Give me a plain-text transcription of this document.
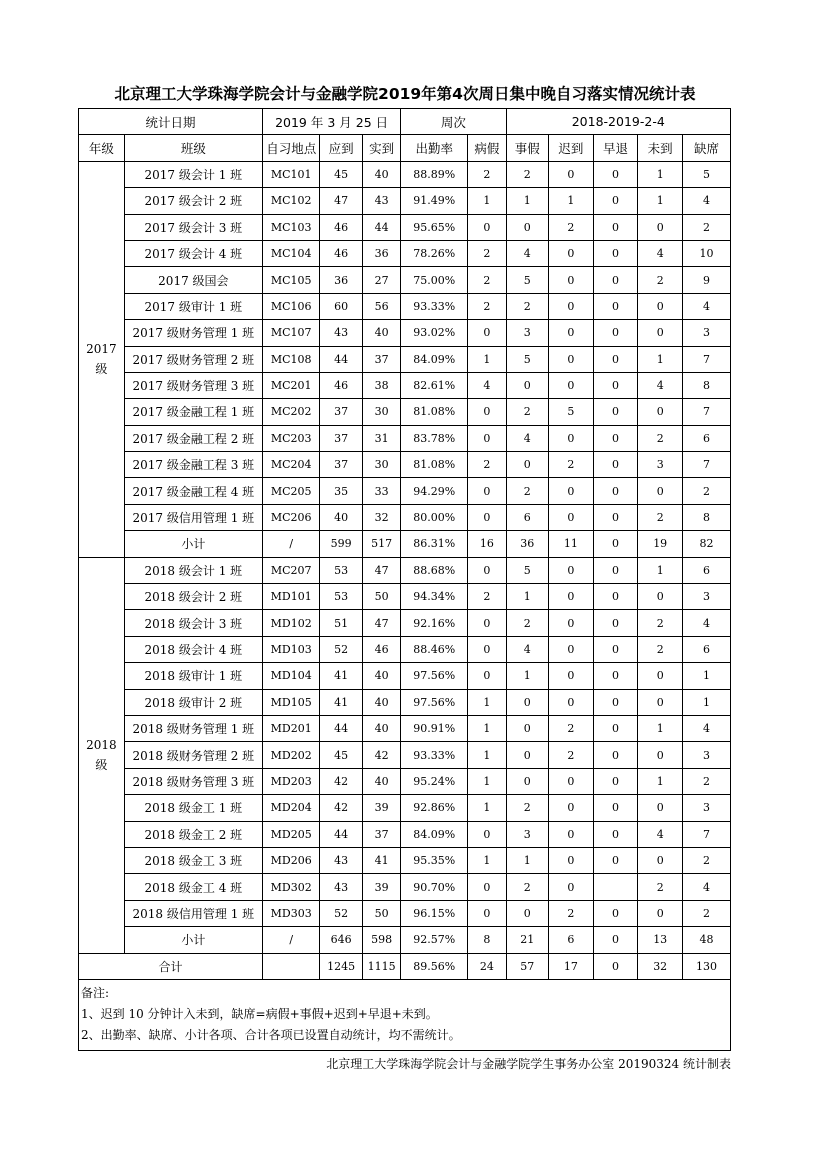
北京理工大学珠海学院会计与金融学院2019年第4次周日集中晚自习落实情况统计表
统计日期		2019 年 3 月 25 日			周次		2018-2019-2-4				
年级	班级	自习地点	应到	实到	出勤率	病假	事假	迟到	早退	未到	缺席
2017
级	2017 级会计 1 班	MC101	45	40	88.89%	2	2	0	0	1	5
	2017 级会计 2 班	MC102	47	43	91.49%	1	1	1	0	1	4
	2017 级会计 3 班	MC103	46	44	95.65%	0	0	2	0	0	2
	2017 级会计 4 班	MC104	46	36	78.26%	2	4	0	0	4	10
	2017 级国会	MC105	36	27	75.00%	2	5	0	0	2	9
	2017 级审计 1 班	MC106	60	56	93.33%	2	2	0	0	0	4
	2017 级财务管理 1 班	MC107	43	40	93.02%	0	3	0	0	0	3
	2017 级财务管理 2 班	MC108	44	37	84.09%	1	5	0	0	1	7
	2017 级财务管理 3 班	MC201	46	38	82.61%	4	0	0	0	4	8
	2017 级金融工程 1 班	MC202	37	30	81.08%	0	2	5	0	0	7
	2017 级金融工程 2 班	MC203	37	31	83.78%	0	4	0	0	2	6
	2017 级金融工程 3 班	MC204	37	30	81.08%	2	0	2	0	3	7
	2017 级金融工程 4 班	MC205	35	33	94.29%	0	2	0	0	0	2
	2017 级信用管理 1 班	MC206	40	32	80.00%	0	6	0	0	2	8
	小计	/	599	517	86.31%	16	36	11	0	19	82
2018
级	2018 级会计 1 班	MC207	53	47	88.68%	0	5	0	0	1	6
	2018 级会计 2 班	MD101	53	50	94.34%	2	1	0	0	0	3
	2018 级会计 3 班	MD102	51	47	92.16%	0	2	0	0	2	4
	2018 级会计 4 班	MD103	52	46	88.46%	0	4	0	0	2	6
	2018 级审计 1 班	MD104	41	40	97.56%	0	1	0	0	0	1
	2018 级审计 2 班	MD105	41	40	97.56%	1	0	0	0	0	1
	2018 级财务管理 1 班	MD201	44	40	90.91%	1	0	2	0	1	4
	2018 级财务管理 2 班	MD202	45	42	93.33%	1	0	2	0	0	3
	2018 级财务管理 3 班	MD203	42	40	95.24%	1	0	0	0	1	2
	2018 级金工 1 班	MD204	42	39	92.86%	1	2	0	0	0	3
	2018 级金工 2 班	MD205	44	37	84.09%	0	3	0	0	4	7
	2018 级金工 3 班	MD206	43	41	95.35%	1	1	0	0	0	2
	2018 级金工 4 班	MD302	43	39	90.70%	0	2	0		2	4
	2018 级信用管理 1 班	MD303	52	50	96.15%	0	0	2	0	0	2
	小计	/	646	598	92.57%	8	21	6	0	13	48
合计			1245	1115	89.56%	24	57	17	0	32	130

备注:
1、迟到 10 分钟计入未到，缺席=病假+事假+迟到+早退+未到。
2、出勤率、缺席、小计各项、合计各项已设置自动统计，均不需统计。											
北京理工大学珠海学院会计与金融学院学生事务办公室 20190324 统计制表
